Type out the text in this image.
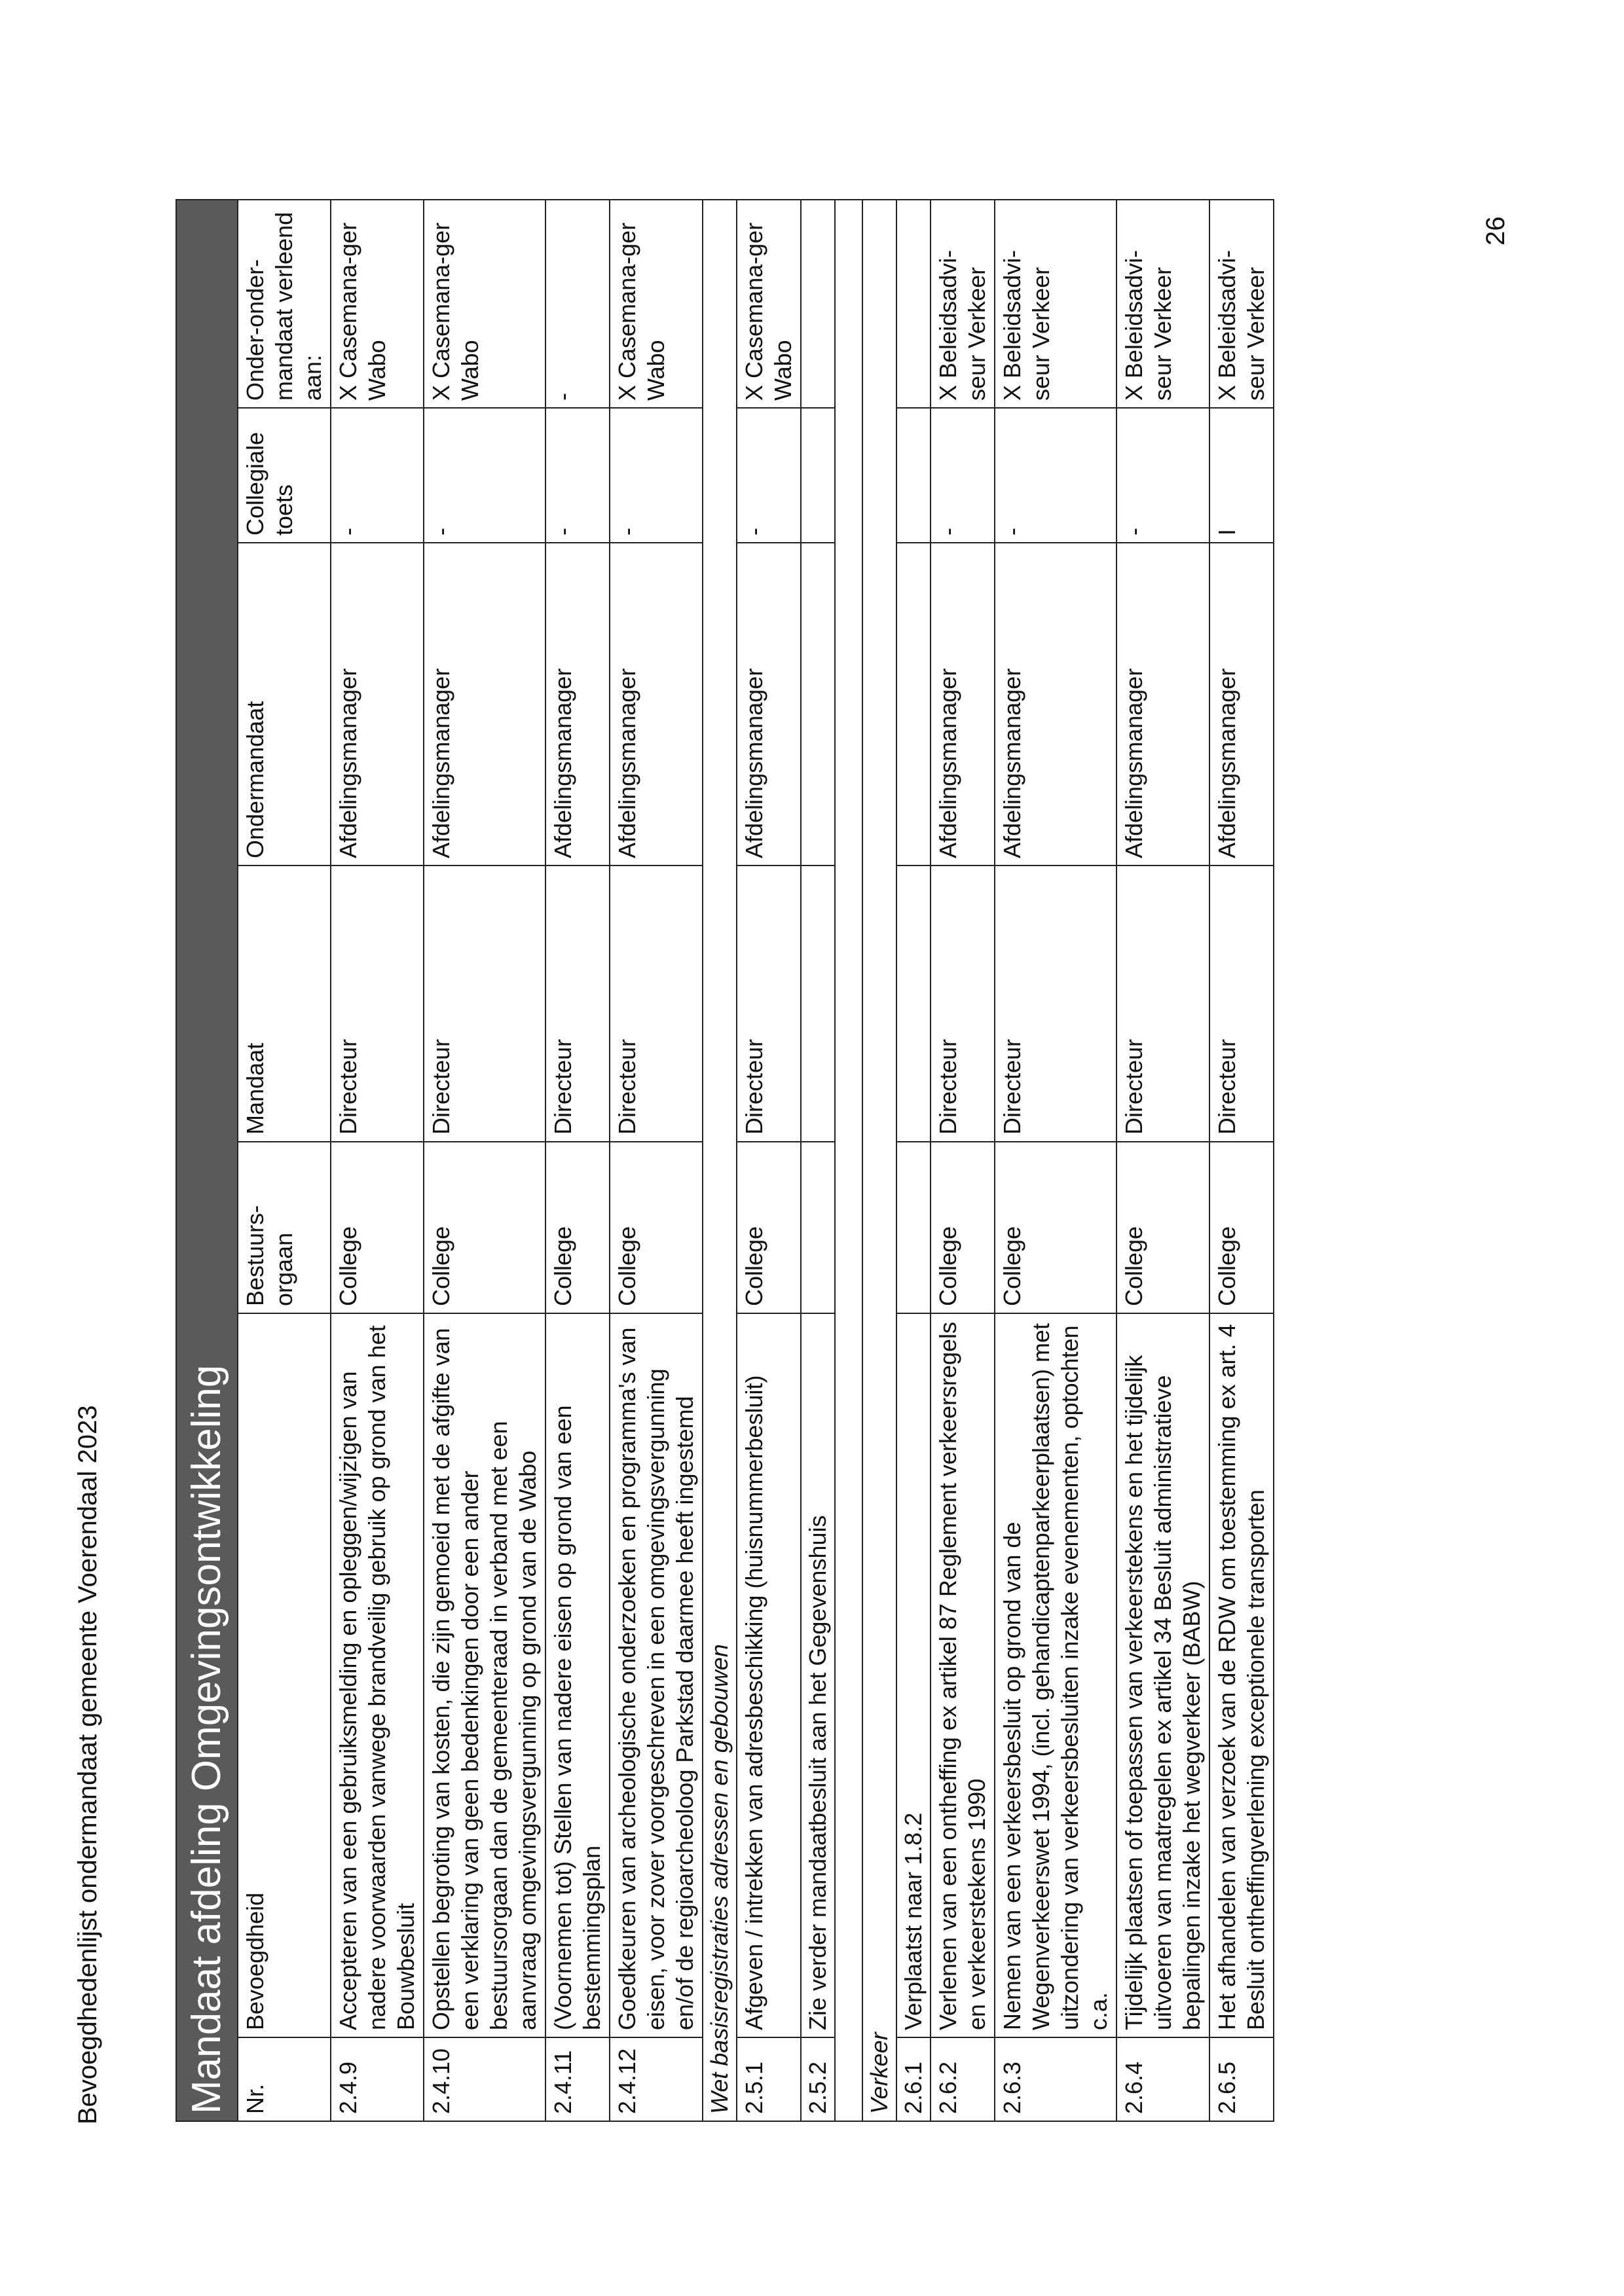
Bevoegdhedenlijst ondermandaat gemeente Voerendaal 2023
26
Mandaat afdeling Omgevingsontwikkeling						
Nr.	Bevoegdheid	Bestuurs-orgaan	Mandaat	Ondermandaat	Collegiale toets	Onder-onder-mandaat verleend aan:
2.4.9	Accepteren van een gebruiksmelding en opleggen/wijzigen van nadere voorwaarden vanwege brandveilig gebruik op grond van het Bouwbesluit	College	Directeur	Afdelingsmanager	-	X Casemana-ger Wabo
2.4.10	Opstellen begroting van kosten, die zijn gemoeid met de afgifte van een verklaring van geen bedenkingen door een ander bestuursorgaan dan de gemeenteraad in verband met een aanvraag omgevingsvergunning op grond van de Wabo	College	Directeur	Afdelingsmanager	-	X Casemana-ger Wabo
2.4.11	(Voornemen tot) Stellen van nadere eisen op grond van een bestemmingsplan	College	Directeur	Afdelingsmanager	-	-
2.4.12	Goedkeuren van archeologische onderzoeken en programma's van eisen, voor zover voorgeschreven in een omgevingsvergunning en/of de regioarcheoloog Parkstad daarmee heeft ingestemd	College	Directeur	Afdelingsmanager	-	X Casemana-ger Wabo
Wet basisregistraties adressen en gebouwen						
2.5.1	Afgeven / intrekken van adresbeschikking (huisnummerbesluit)	College	Directeur	Afdelingsmanager	-	X Casemana-ger Wabo
2.5.2	Zie verder mandaatbesluit aan het Gegevenshuis					

Verkeer						
2.6.1	Verplaatst naar 1.8.2					
2.6.2	Verlenen van een ontheffing ex artikel 87 Reglement verkeersregels en verkeerstekens 1990	College	Directeur	Afdelingsmanager	-	X Beleidsadvi-seur Verkeer
2.6.3	Nemen van een verkeersbesluit op grond van de Wegenverkeerswet 1994, (incl. gehandicaptenparkeerplaatsen) met uitzondering van verkeersbesluiten inzake evenementen, optochten c.a.	College	Directeur	Afdelingsmanager	-	X Beleidsadvi-seur Verkeer
2.6.4	Tijdelijk plaatsen of toepassen van verkeerstekens en het tijdelijk uitvoeren van maatregelen ex artikel 34 Besluit administratieve bepalingen inzake het wegverkeer (BABW)	College	Directeur	Afdelingsmanager	-	X Beleidsadvi-seur Verkeer
2.6.5	Het afhandelen van verzoek van de RDW om toestemming ex art. 4 Besluit ontheffingverlening exceptionele transporten	College	Directeur	Afdelingsmanager	I	X Beleidsadvi-seur Verkeer
